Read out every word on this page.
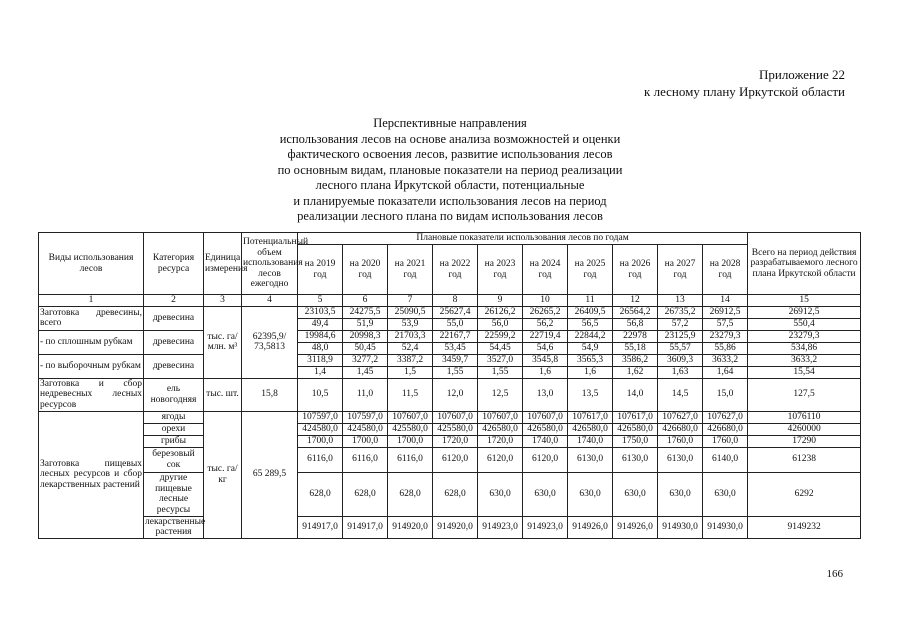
Приложение 22
к лесному плану Иркутской области
Перспективные направления
использования лесов на основе анализа возможностей и оценки
фактического освоения лесов, развитие использования лесов
по основным видам, плановые показатели на период реализации
лесного плана Иркутской области, потенциальные
и планируемые показатели использования лесов на период
реализации лесного плана по видам использования лесов
Виды использования лесов	Категория ресурса	Единица измерения	Потенциальный объем использования лесов ежегодно	Плановые показатели использования лесов по годам										Всего на период действия разрабатываемого лесного плана Иркутской области
				на 2019 год	на 2020 год	на 2021 год	на 2022 год	на 2023 год	на 2024 год	на 2025 год	на 2026 год	на 2027 год	на 2028 год	
1	2	3	4	5	6	7	8	9	10	11	12	13	14	15
Заготовка древесины, всего	древесина	тыс. га/ млн. м³	62395,9/ 73,5813	23103,5	24275,5	25090,5	25627,4	26126,2	26265,2	26409,5	26564,2	26735,2	26912,5	26912,5
				49,4	51,9	53,9	55,0	56,0	56,2	56,5	56,8	57,2	57,5	550,4
- по сплошным рубкам	древесина			19984,6	20998,3	21703,3	22167,7	22599,2	22719,4	22844,2	22978	23125,9	23279,3	23279,3
				48,0	50,45	52,4	53,45	54,45	54,6	54,9	55,18	55,57	55,86	534,86
- по выборочным рубкам	древесина			3118,9	3277,2	3387,2	3459,7	3527,0	3545,8	3565,3	3586,2	3609,3	3633,2	3633,2
				1,4	1,45	1,5	1,55	1,55	1,6	1,6	1,62	1,63	1,64	15,54
Заготовка и сбор недревесных лесных ресурсов	ель новогодняя	тыс. шт.	15,8	10,5	11,0	11,5	12,0	12,5	13,0	13,5	14,0	14,5	15,0	127,5
Заготовка пищевых лесных ресурсов и сбор лекарственных растений	ягоды	тыс. га/ кг	65 289,5	107597,0	107597,0	107607,0	107607,0	107607,0	107607,0	107617,0	107617,0	107627,0	107627,0	1076110
	орехи			424580,0	424580,0	425580,0	425580,0	426580,0	426580,0	426580,0	426580,0	426680,0	426680,0	4260000
	грибы			1700,0	1700,0	1700,0	1720,0	1720,0	1740,0	1740,0	1750,0	1760,0	1760,0	17290
	березовый сок			6116,0	6116,0	6116,0	6120,0	6120,0	6120,0	6130,0	6130,0	6130,0	6140,0	61238
	другие пищевые лесные ресурсы			628,0	628,0	628,0	628,0	630,0	630,0	630,0	630,0	630,0	630,0	6292
	лекарственные растения			914917,0	914917,0	914920,0	914920,0	914923,0	914923,0	914926,0	914926,0	914930,0	914930,0	9149232
166
